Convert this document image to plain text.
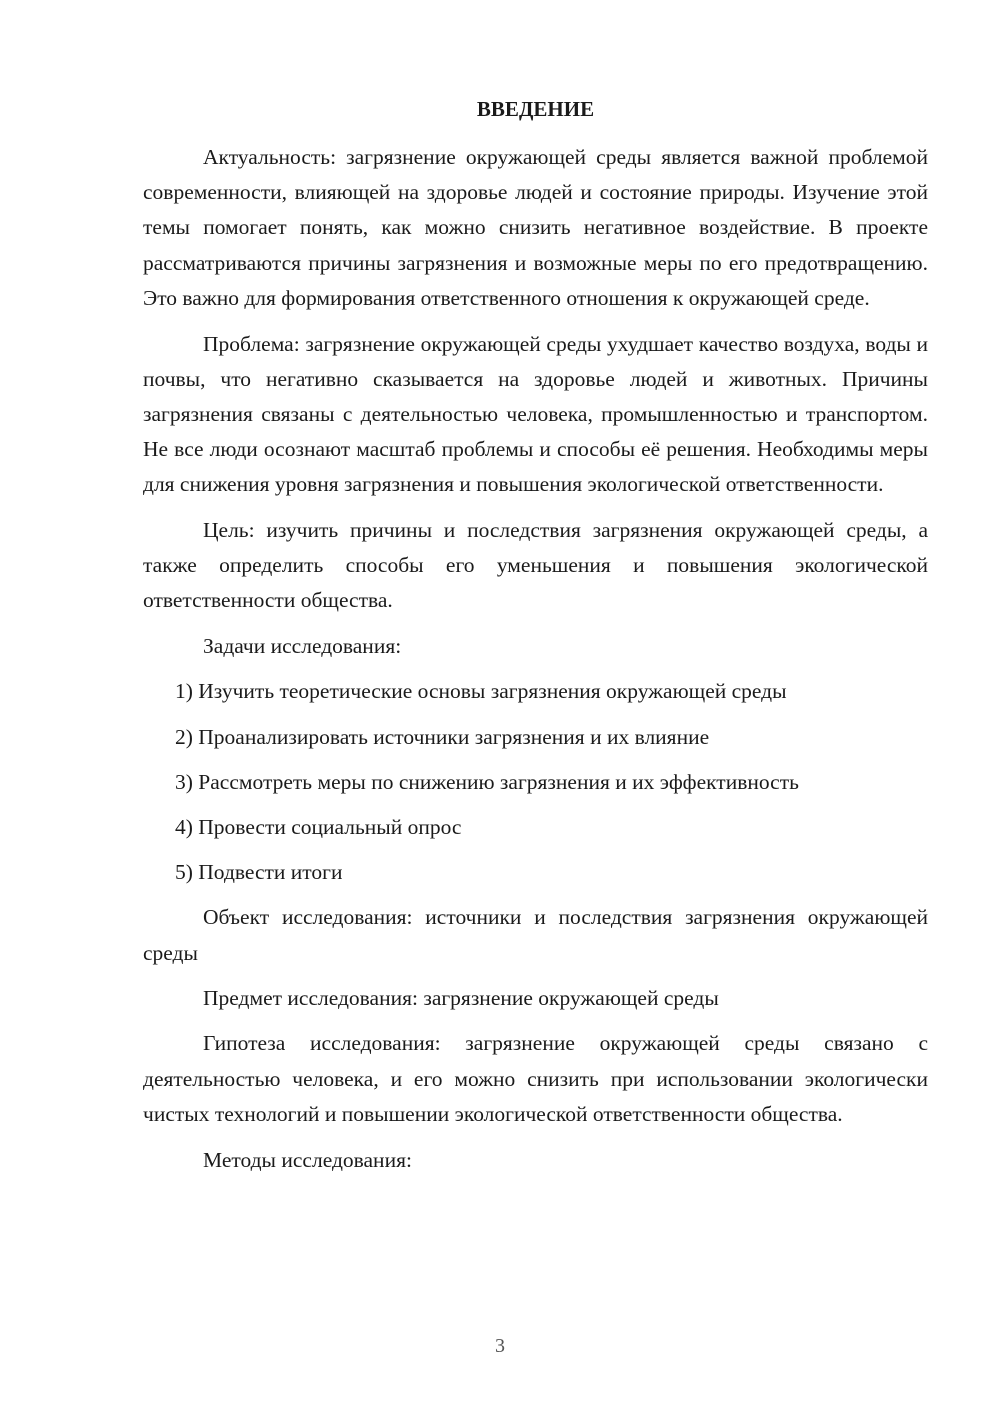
ВВЕДЕНИЕ

Актуальность: загрязнение окружающей среды является важной проблемой современности, влияющей на здоровье людей и состояние природы. Изучение этой темы помогает понять, как можно снизить негативное воздействие. В проекте рассматриваются причины загрязнения и возможные меры по его предотвращению. Это важно для формирования ответственного отношения к окружающей среде.

Проблема: загрязнение окружающей среды ухудшает качество воздуха, воды и почвы, что негативно сказывается на здоровье людей и животных. Причины загрязнения связаны с деятельностью человека, промышленностью и транспортом. Не все люди осознают масштаб проблемы и способы её решения. Необходимы меры для снижения уровня загрязнения и повышения экологической ответственности.

Цель: изучить причины и последствия загрязнения окружающей среды, а также определить способы его уменьшения и повышения экологической ответственности общества.

Задачи исследования:

1) Изучить теоретические основы загрязнения окружающей среды
2) Проанализировать источники загрязнения и их влияние
3) Рассмотреть меры по снижению загрязнения и их эффективность
4) Провести социальный опрос
5) Подвести итоги

Объект исследования: источники и последствия загрязнения окружающей среды

Предмет исследования: загрязнение окружающей среды

Гипотеза исследования: загрязнение окружающей среды связано с деятельностью человека, и его можно снизить при использовании экологически чистых технологий и повышении экологической ответственности общества.

Методы исследования:

3
